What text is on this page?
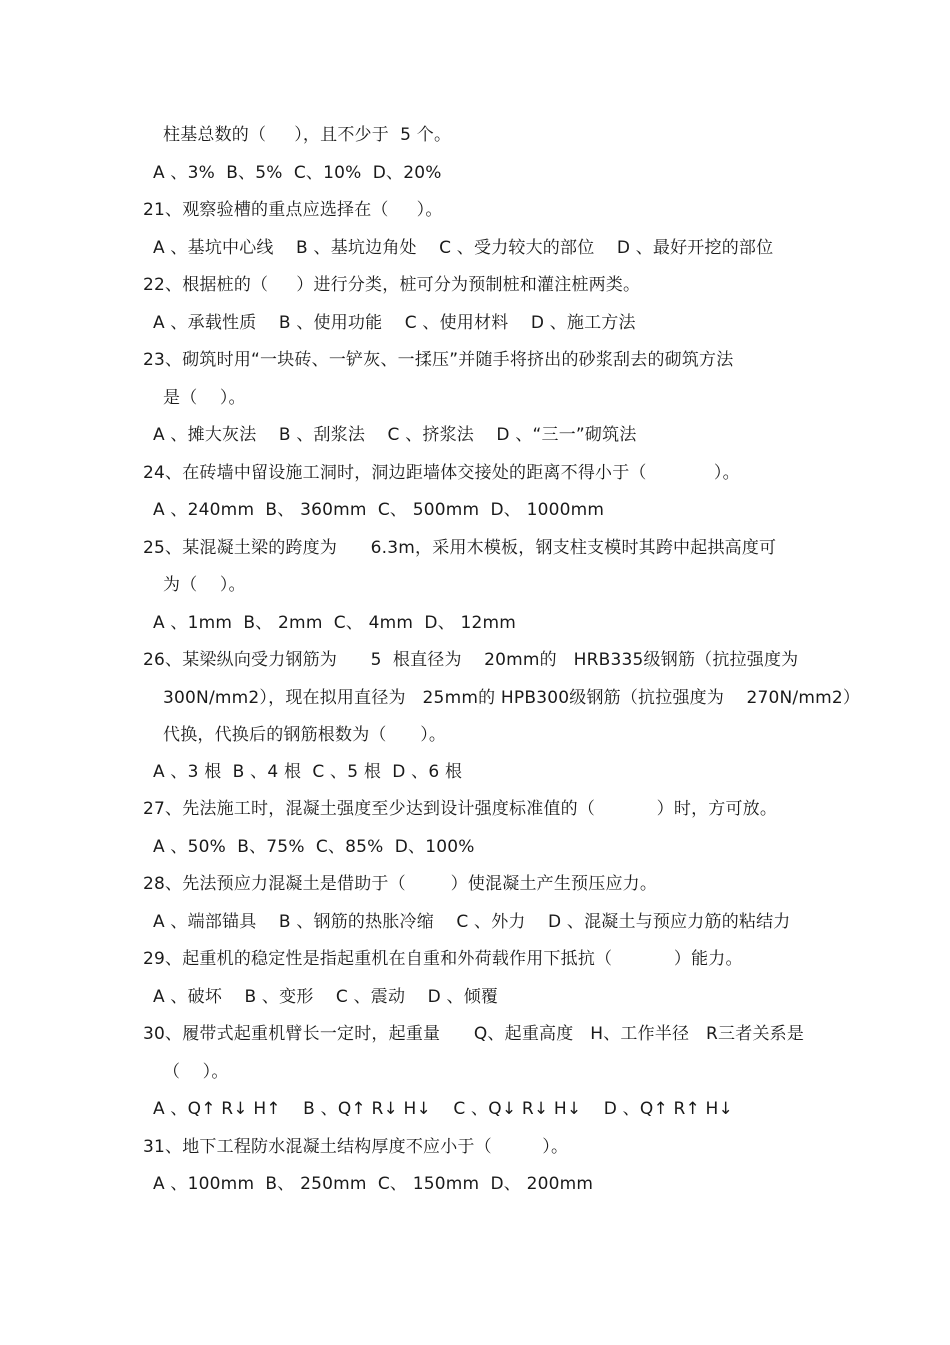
柱基总数的（     ），且不少于  5 个。
A 、3%  B、5%  C、10%  D、20%
21、观察验槽的重点应选择在（     ）。
A 、基坑中心线    B 、基坑边角处    C 、受力较大的部位    D 、最好开挖的部位
22、根据桩的（     ）进行分类，桩可分为预制桩和灌注桩两类。
A 、承载性质    B 、使用功能    C 、使用材料    D 、施工方法
23、砌筑时用“一块砖、一铲灰、一揉压”并随手将挤出的砂浆刮去的砌筑方法
是（    ）。
A 、摊大灰法    B 、刮浆法    C 、挤浆法    D 、“三一”砌筑法
24、在砖墙中留设施工洞时，洞边距墙体交接处的距离不得小于（            ）。
A 、240mm  B、 360mm  C、 500mm  D、 1000mm
25、某混凝土梁的跨度为      6.3m，采用木模板，钢支柱支模时其跨中起拱高度可
为（    ）。
A 、1mm  B、 2mm  C、 4mm  D、 12mm
26、某梁纵向受力钢筋为      5  根直径为    20mm的   HRB335级钢筋（抗拉强度为
300N/mm2），现在拟用直径为   25mm的 HPB300级钢筋（抗拉强度为    270N/mm2）
代换，代换后的钢筋根数为（      ）。
A 、3 根  B 、4 根  C 、5 根  D 、6 根
27、先法施工时，混凝土强度至少达到设计强度标准值的（           ）时，方可放。
A 、50%  B、75%  C、85%  D、100%
28、先法预应力混凝土是借助于（        ）使混凝土产生预压应力。
A 、端部锚具    B 、钢筋的热胀冷缩    C 、外力    D 、混凝土与预应力筋的粘结力
29、起重机的稳定性是指起重机在自重和外荷载作用下抵抗（           ）能力。
A 、破坏    B 、变形    C 、震动    D 、倾覆
30、履带式起重机臂长一定时，起重量      Q、起重高度   H、工作半径   R三者关系是
（    ）。
A 、Q↑ R↓ H↑    B 、Q↑ R↓ H↓    C 、Q↓ R↓ H↓    D 、Q↑ R↑ H↓
31、地下工程防水混凝土结构厚度不应小于（         ）。
A 、100mm  B、 250mm  C、 150mm  D、 200mm
